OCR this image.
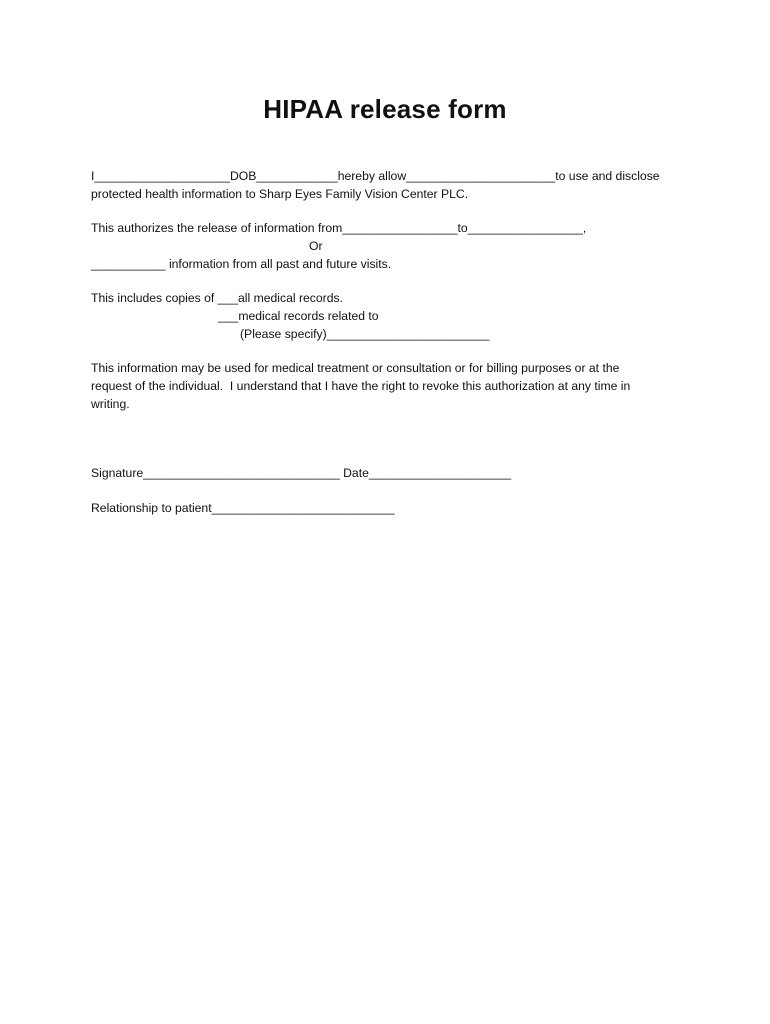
HIPAA release form

I____________________DOB____________hereby allow______________________to use and disclose

protected health information to Sharp Eyes Family Vision Center PLC.

This authorizes the release of information from_________________to_________________,

Or

___________ information from all past and future visits.

This includes copies of ___all medical records.

___medical records related to

(Please specify)________________________

This information may be used for medical treatment or consultation or for billing purposes or at the

request of the individual.  I understand that I have the right to revoke this authorization at any time in

writing.

Signature_____________________________ Date_____________________

Relationship to patient___________________________
